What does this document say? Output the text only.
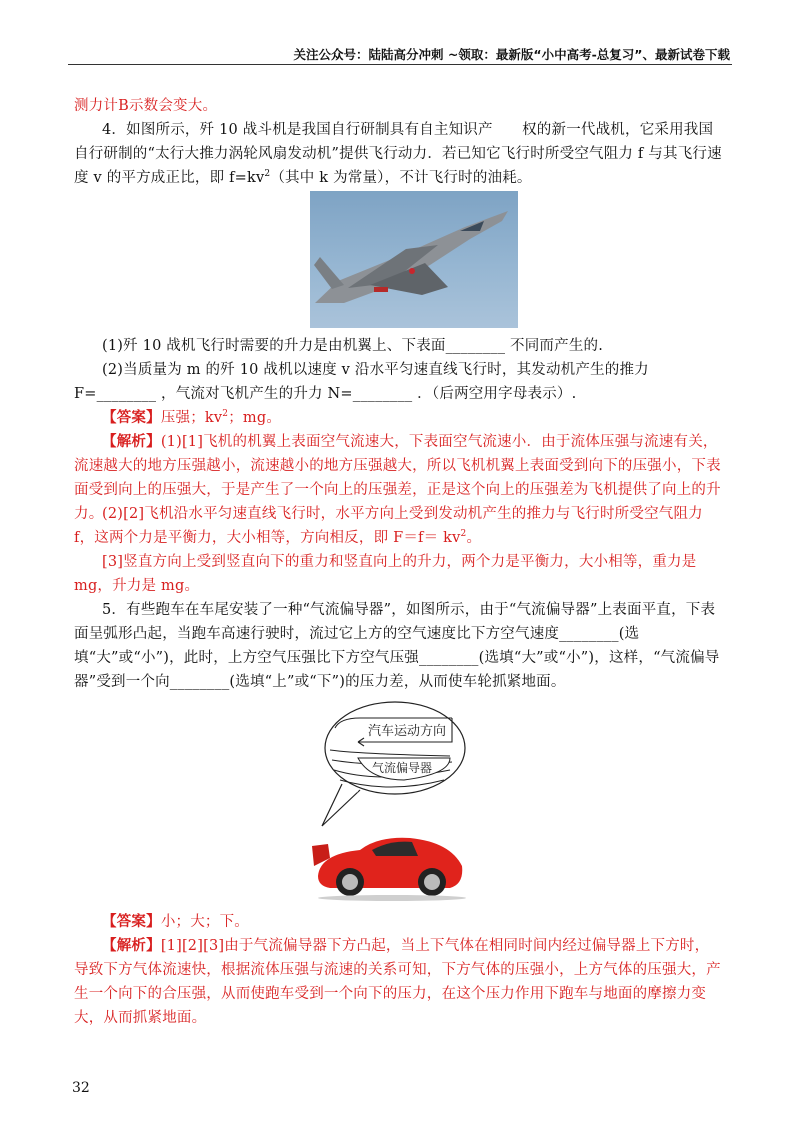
关注公众号：陆陆高分冲刺 ~领取：最新版“小中高考-总复习”、最新试卷下载
测力计B示数会变大。
4．如图所示，歼 10 战斗机是我国自行研制具有自主知识产　　权的新一代战机，它采用我国自行研制的“太行大推力涡轮风扇发动机”提供飞行动力．若已知它飞行时所受空气阻力 f 与其飞行速度 v 的平方成正比，即 $f=kv^2$（其中 k 为常量），不计飞行时的油耗。
(1)歼 10 战机飞行时需要的升力是由机翼上、下表面________ 不同而产生的.
(2)当质量为 m 的歼 10 战机以速度 v 沿水平匀速直线飞行时，其发动机产生的推力 F=________ ，气流对飞机产生的升力 N=________ ．（后两空用字母表示）.
【答案】压强；$kv^2$；mg。
【解析】(1)[1]飞机的机翼上表面空气流速大，下表面空气流速小．由于流体压强与流速有关，流速越大的地方压强越小，流速越小的地方压强越大，所以飞机机翼上表面受到向下的压强小，下表面受到向上的压强大，于是产生了一个向上的压强差，正是这个向上的压强差为飞机提供了向上的升力。
(2)[2]飞机沿水平匀速直线飞行时，水平方向上受到发动机产生的推力与飞行时所受空气阻力 f，这两个力是平衡力，大小相等，方向相反，即 $F=f= kv^2$。
[3]竖直方向上受到竖直向下的重力和竖直向上的升力，两个力是平衡力，大小相等，重力是 mg，升力是 mg。
5．有些跑车在车尾安装了一种“气流偏导器”，如图所示，由于“气流偏导器”上表面平直，下表面呈弧形凸起，当跑车高速行驶时，流过它上方的空气速度比下方空气速度________(选填“大”或“小”)，此时，上方空气压强比下方空气压强________(选填“大”或“小”)，这样，“气流偏导器”受到一个向________(选填“上”或“下”)的压力差，从而使车轮抓紧地面。
汽车运动方向
气流偏导器
【答案】小；大；下。
【解析】[1][2][3]由于气流偏导器下方凸起，当上下气体在相同时间内经过偏导器上下方时，导致下方气体流速快，根据流体压强与流速的关系可知，下方气体的压强小，上方气体的压强大，产生一个向下的合压强，从而使跑车受到一个向下的压力，在这个压力作用下跑车与地面的摩擦力变大，从而抓紧地面。
32
